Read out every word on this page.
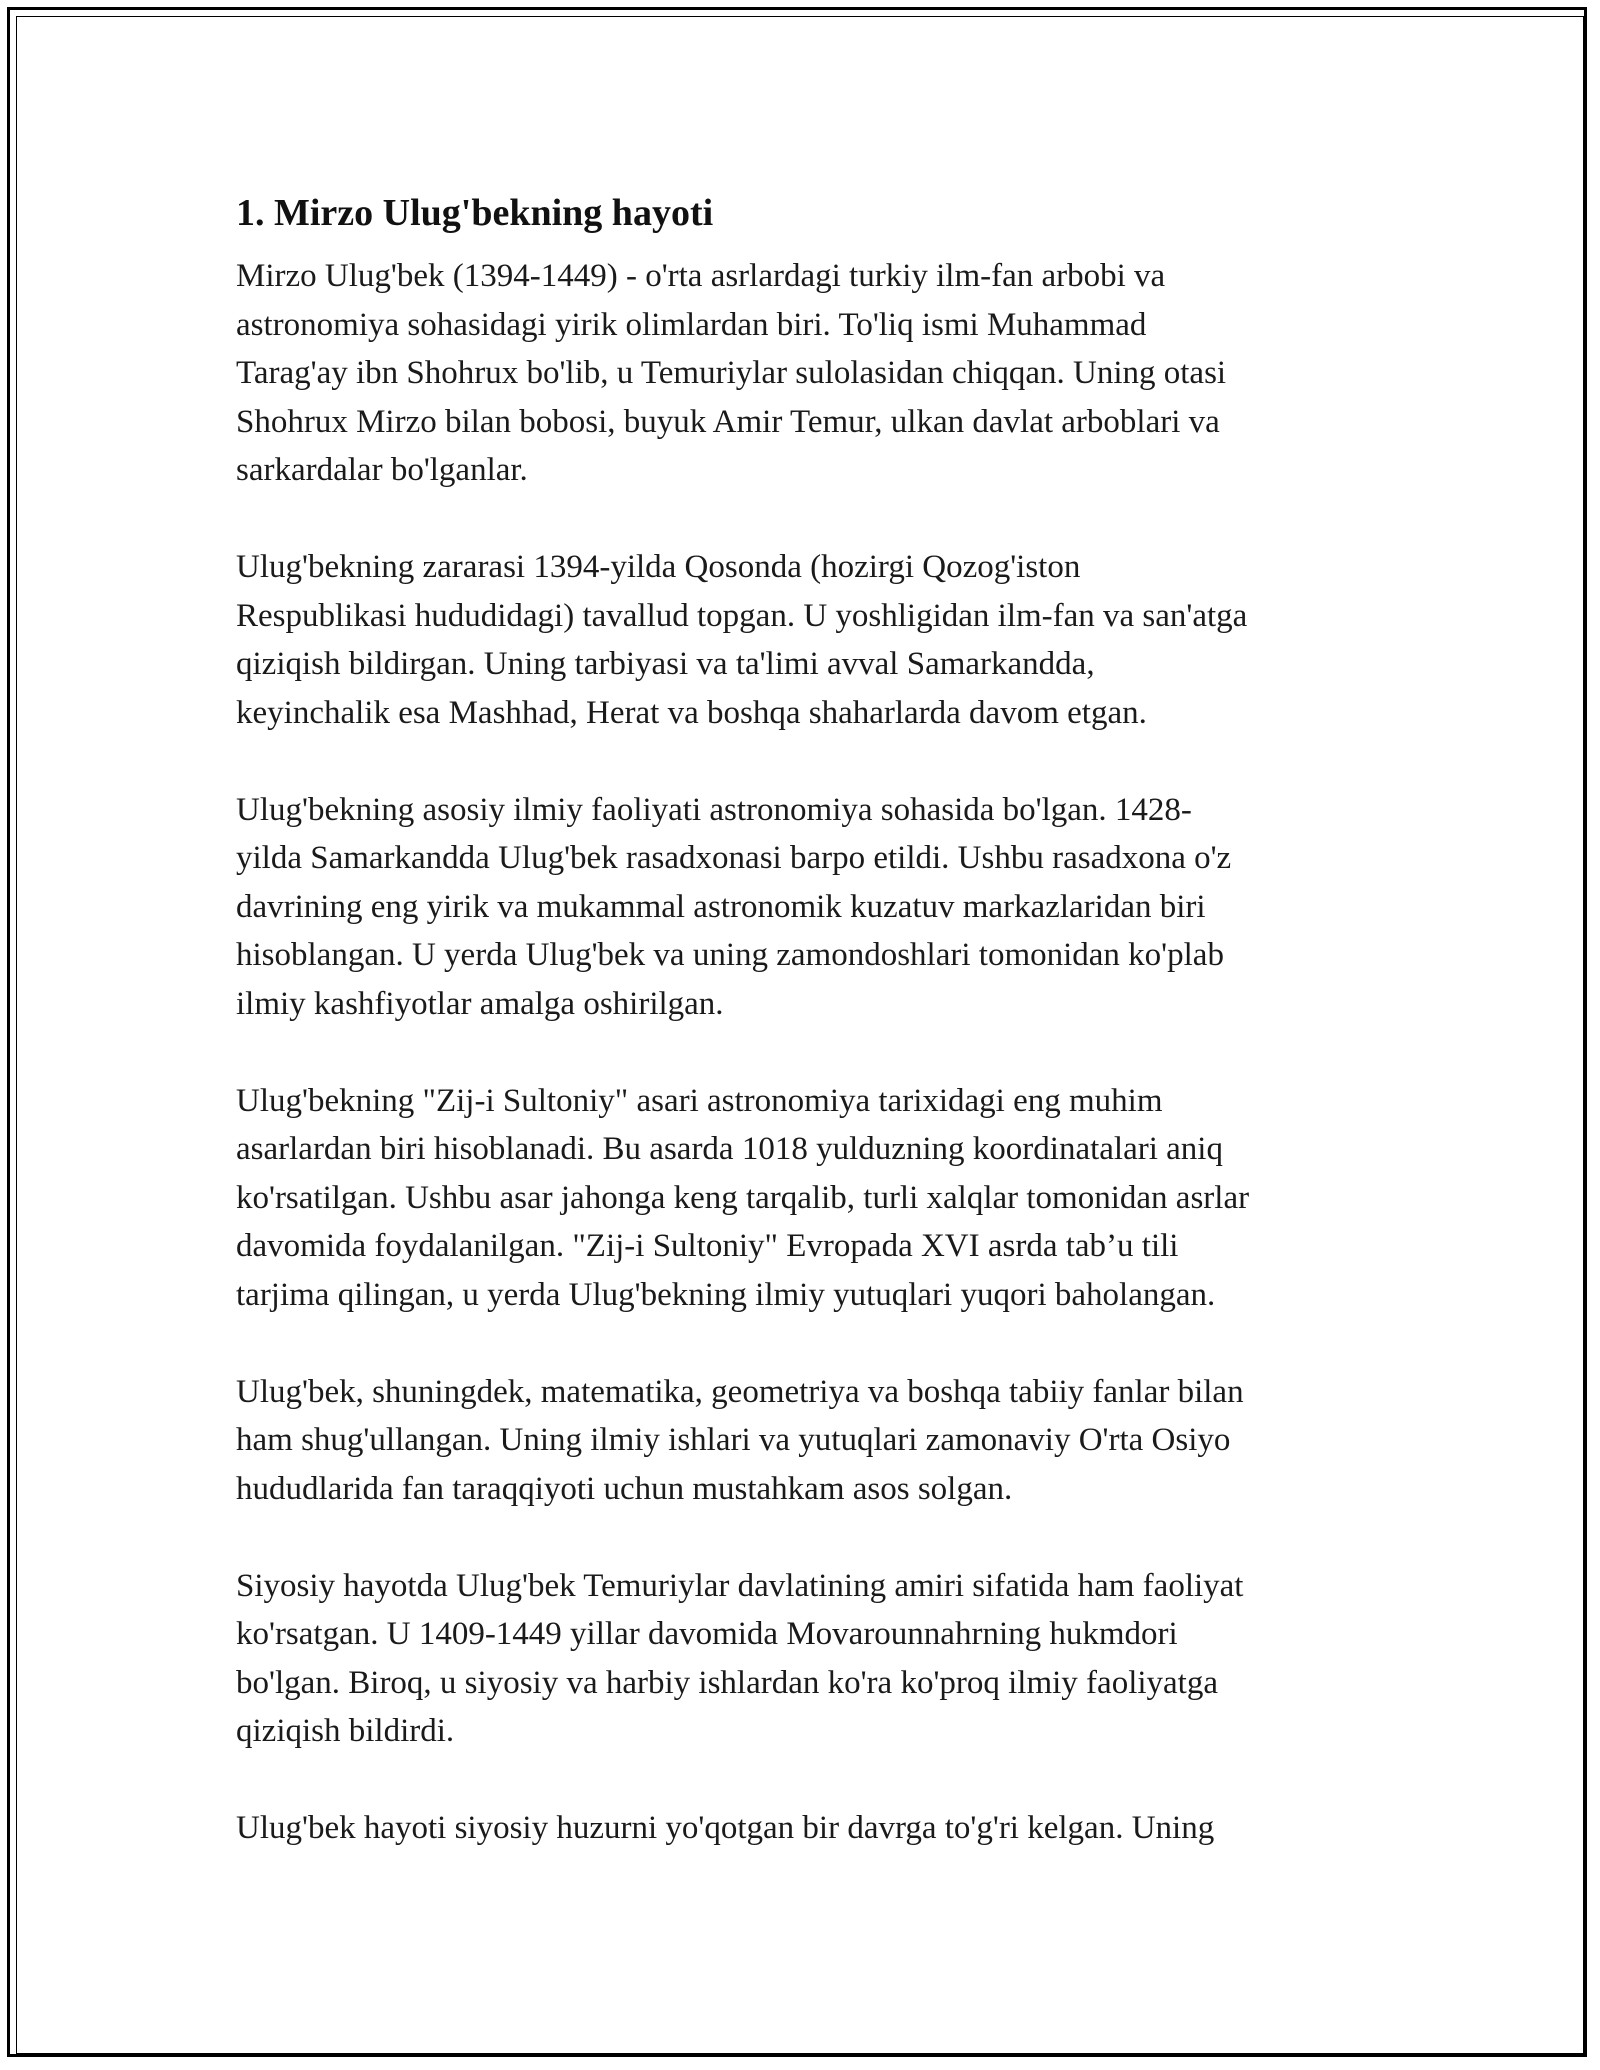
1. Mirzo Ulug'bekning hayoti

Mirzo Ulug'bek (1394-1449) - o'rta asrlardagi turkiy ilm-fan arbobi va
astronomiya sohasidagi yirik olimlardan biri. To'liq ismi Muhammad
Tarag'ay ibn Shohrux bo'lib, u Temuriylar sulolasidan chiqqan. Uning otasi
Shohrux Mirzo bilan bobosi, buyuk Amir Temur, ulkan davlat arboblari va
sarkardalar bo'lganlar.

Ulug'bekning zararasi 1394-yilda Qosonda (hozirgi Qozog'iston
Respublikasi hududidagi) tavallud topgan. U yoshligidan ilm-fan va san'atga
qiziqish bildirgan. Uning tarbiyasi va ta'limi avval Samarkandda,
keyinchalik esa Mashhad, Herat va boshqa shaharlarda davom etgan.

Ulug'bekning asosiy ilmiy faoliyati astronomiya sohasida bo'lgan. 1428-
yilda Samarkandda Ulug'bek rasadxonasi barpo etildi. Ushbu rasadxona o'z
davrining eng yirik va mukammal astronomik kuzatuv markazlaridan biri
hisoblangan. U yerda Ulug'bek va uning zamondoshlari tomonidan ko'plab
ilmiy kashfiyotlar amalga oshirilgan.

Ulug'bekning "Zij-i Sultoniy" asari astronomiya tarixidagi eng muhim
asarlardan biri hisoblanadi. Bu asarda 1018 yulduzning koordinatalari aniq
ko'rsatilgan. Ushbu asar jahonga keng tarqalib, turli xalqlar tomonidan asrlar
davomida foydalanilgan. "Zij-i Sultoniy" Evropada XVI asrda tab’u tili
tarjima qilingan, u yerda Ulug'bekning ilmiy yutuqlari yuqori baholangan.

Ulug'bek, shuningdek, matematika, geometriya va boshqa tabiiy fanlar bilan
ham shug'ullangan. Uning ilmiy ishlari va yutuqlari zamonaviy O'rta Osiyo
hududlarida fan taraqqiyoti uchun mustahkam asos solgan.

Siyosiy hayotda Ulug'bek Temuriylar davlatining amiri sifatida ham faoliyat
ko'rsatgan. U 1409-1449 yillar davomida Movarounnahrning hukmdori
bo'lgan. Biroq, u siyosiy va harbiy ishlardan ko'ra ko'proq ilmiy faoliyatga
qiziqish bildirdi.

Ulug'bek hayoti siyosiy huzurni yo'qotgan bir davrga to'g'ri kelgan. Uning
